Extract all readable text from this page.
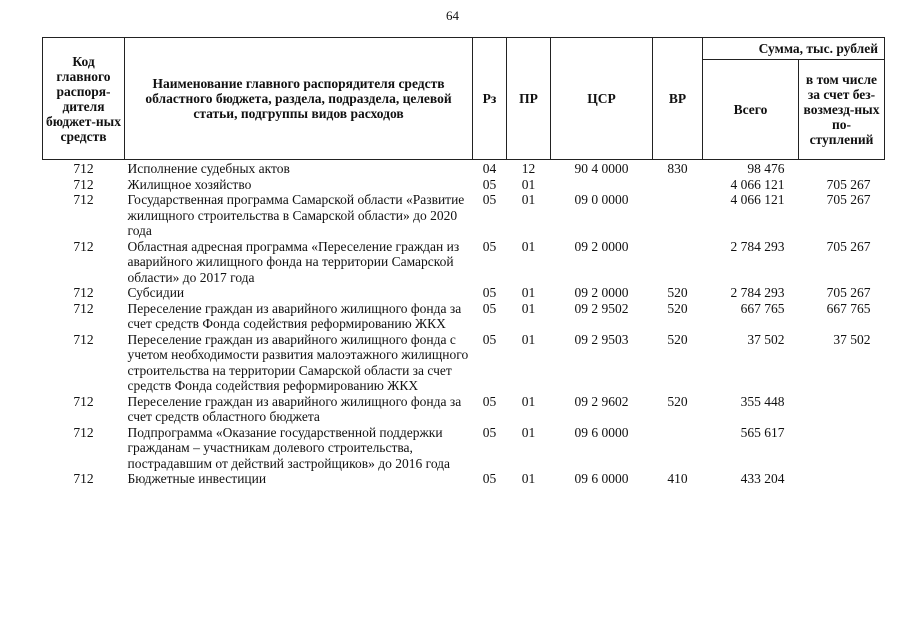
64
Код главного распоря-дителя бюджет-ных средств	Наименование главного распорядителя средств областного бюджета, раздела, подраздела, целевой статьи, подгруппы видов расходов	Рз	ПР	ЦСР	ВР	Сумма, тыс. рублей	
						Всего	в том числе за счет без-возмезд-ных по-ступлений
712	Исполнение судебных актов	04	12	90 4 0000	830	98 476	
712	Жилищное хозяйство	05	01			4 066 121	705 267
712	Государственная программа Самарской области «Развитие жилищного строительства в Самарской области» до 2020 года	05	01	09 0 0000		4 066 121	705 267
712	Областная адресная программа «Переселение граждан из аварийного жилищного фонда на территории Самарской области» до 2017 года	05	01	09 2 0000		2 784 293	705 267
712	Субсидии	05	01	09 2 0000	520	2 784 293	705 267
712	Переселение граждан из аварийного жилищного фонда за счет средств Фонда содействия реформированию ЖКХ	05	01	09 2 9502	520	667 765	667 765
712	Переселение граждан из аварийного жилищного фонда с учетом необходимости развития малоэтажного жилищного строительства на территории Самарской области за счет средств Фонда содействия реформированию ЖКХ	05	01	09 2 9503	520	37 502	37 502
712	Переселение граждан из аварийного жилищного фонда за счет средств областного бюджета	05	01	09 2 9602	520	355 448	
712	Подпрограмма «Оказание государственной поддержки гражданам – участникам долевого строительства, пострадавшим от действий застройщиков» до 2016 года	05	01	09 6 0000		565 617	
712	Бюджетные инвестиции	05	01	09 6 0000	410	433 204	
